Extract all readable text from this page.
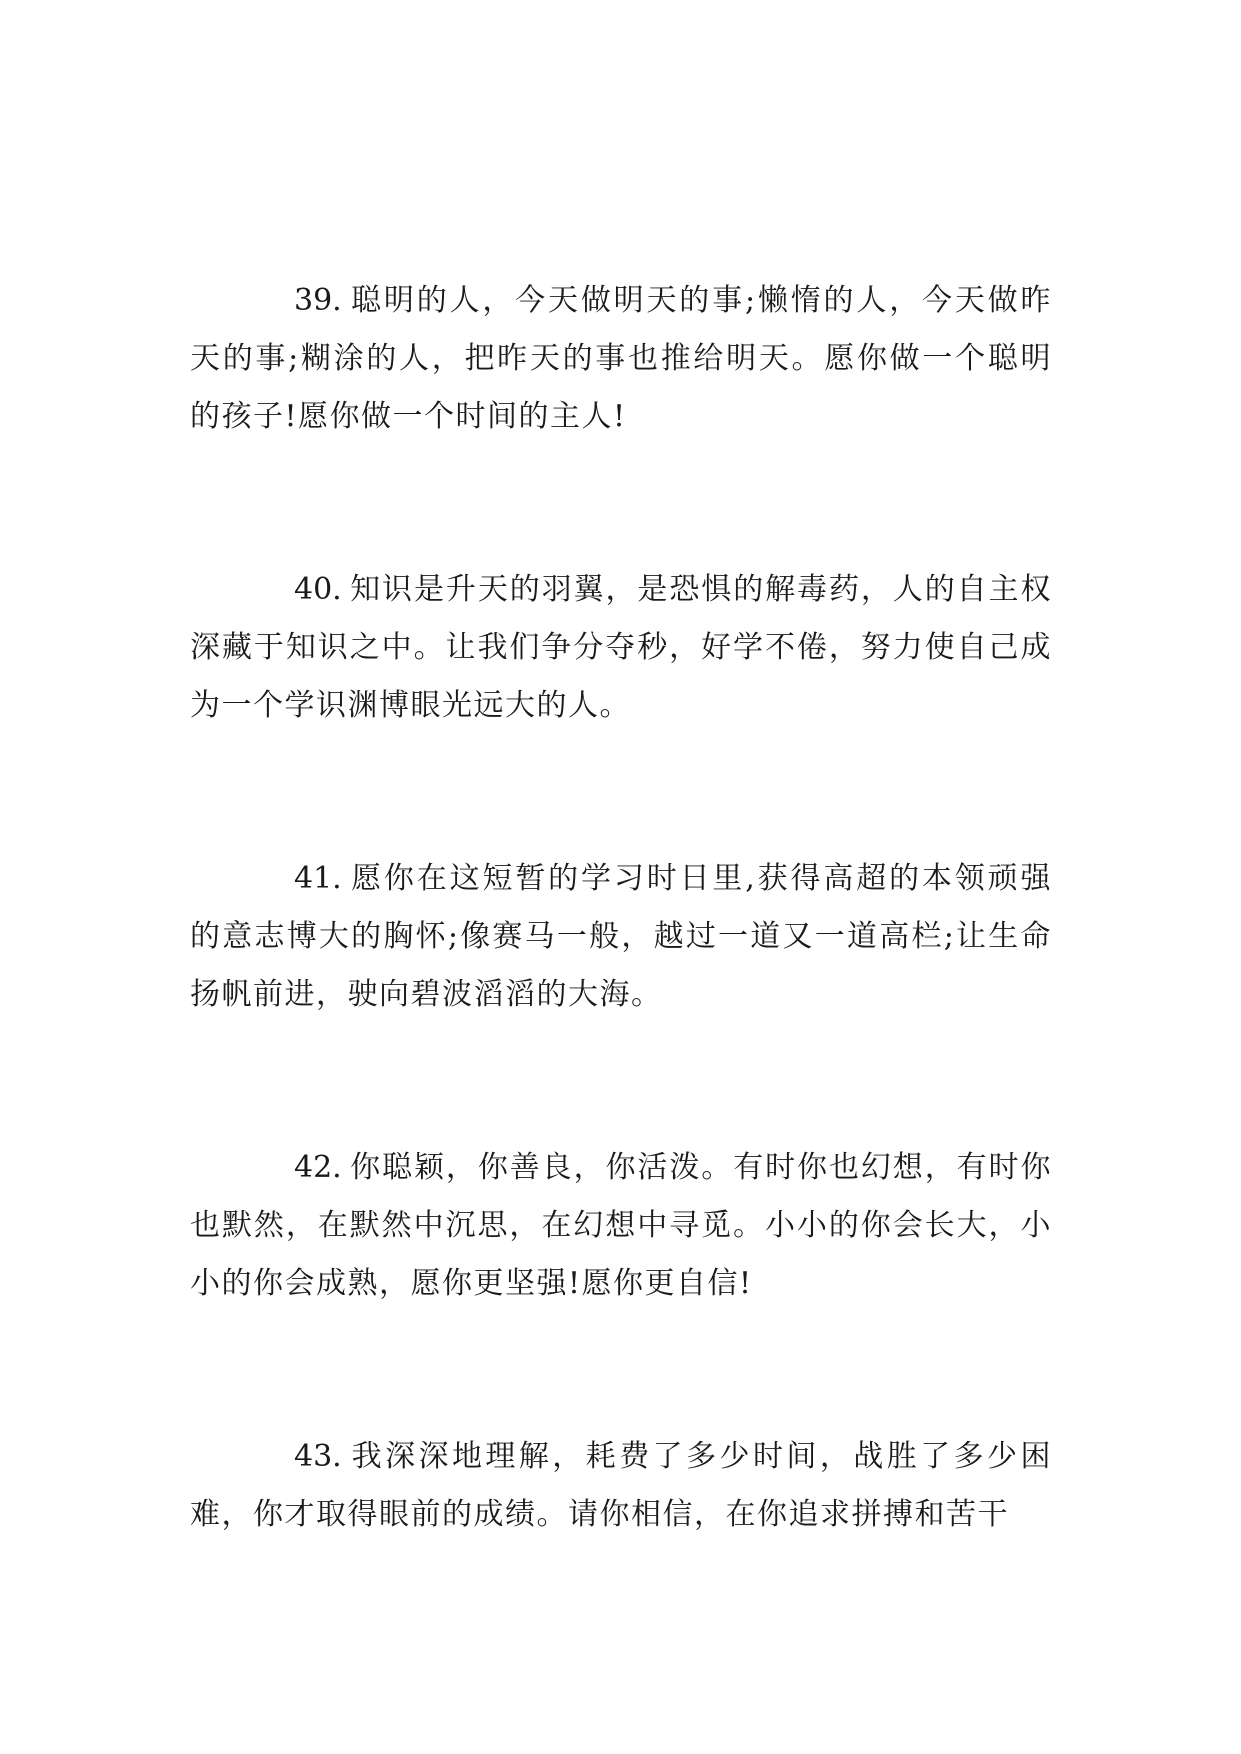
39. 聪明的人，今天做明天的事;懒惰的人，今天做昨天的事;糊涂的人，把昨天的事也推给明天。愿你做一个聪明的孩子!愿你做一个时间的主人!

40. 知识是升天的羽翼，是恐惧的解毒药，人的自主权深藏于知识之中。让我们争分夺秒，好学不倦，努力使自己成为一个学识渊博眼光远大的人。

41. 愿你在这短暂的学习时日里,获得高超的本领顽强的意志博大的胸怀;像赛马一般，越过一道又一道高栏;让生命扬帆前进，驶向碧波滔滔的大海。

42. 你聪颖，你善良，你活泼。有时你也幻想，有时你也默然，在默然中沉思，在幻想中寻觅。小小的你会长大，小小的你会成熟，愿你更坚强!愿你更自信!

43. 我深深地理解，耗费了多少时间，战胜了多少困难，你才取得眼前的成绩。请你相信，在你追求拼搏和苦干
